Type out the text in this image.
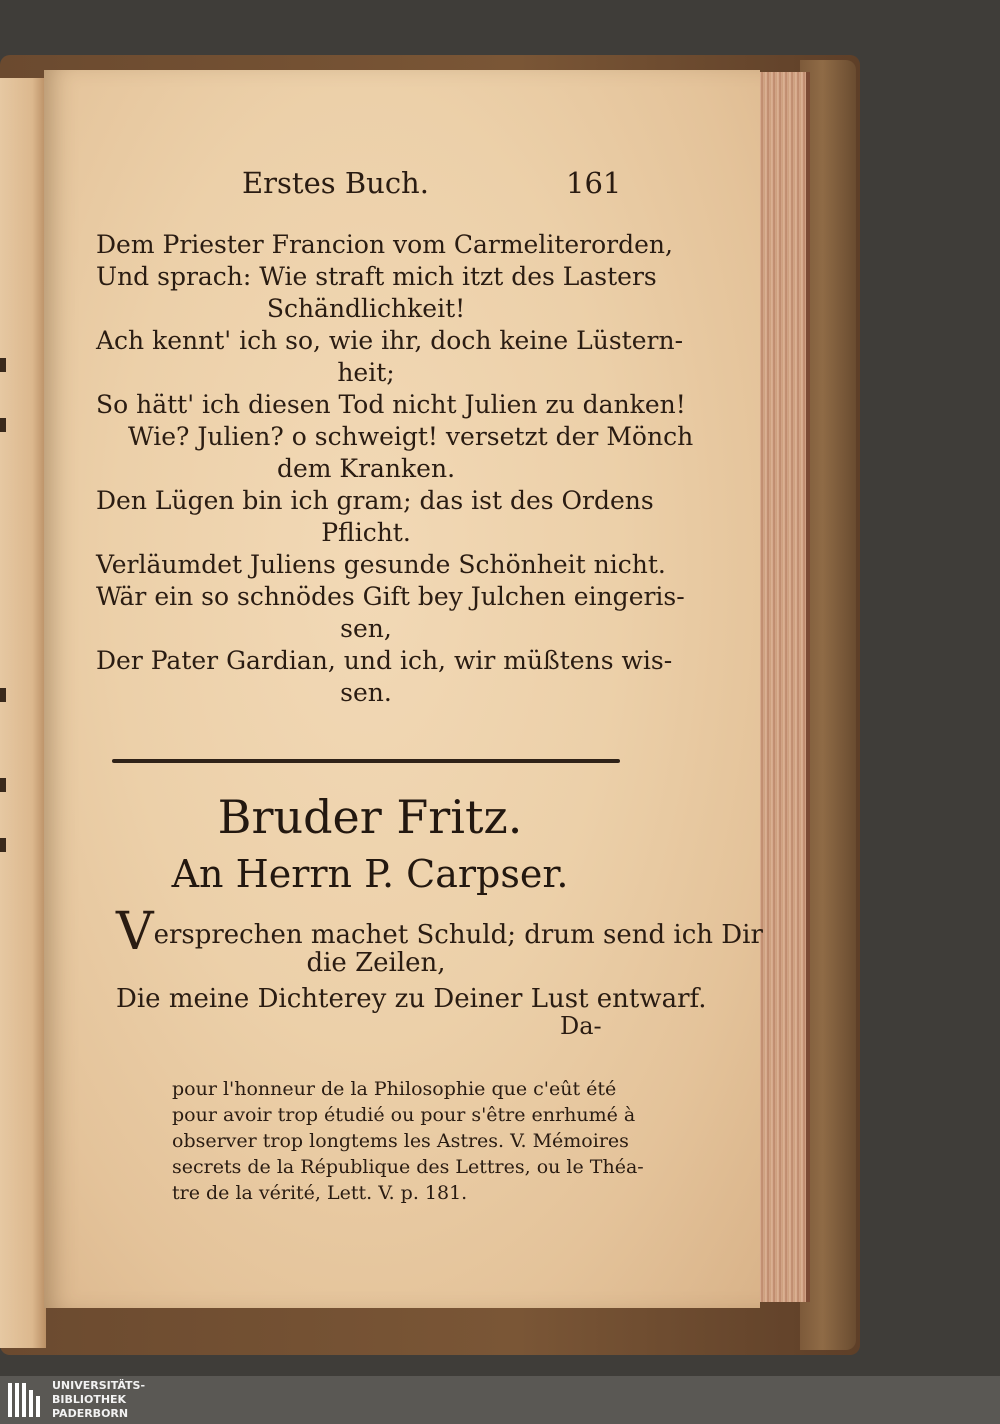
Erstes Buch.	161
Dem Priester Francion vom Carmeliterorden,
Und sprach: Wie straft mich itzt des Lasters
Schändlichkeit!
Ach kennt' ich so, wie ihr, doch keine Lüstern-
heit;
So hätt' ich diesen Tod nicht Julien zu danken!
Wie? Julien? o schweigt! versetzt der Mönch
dem Kranken.
Den Lügen bin ich gram; das ist des Ordens
Pflicht.
Verläumdet Juliens gesunde Schönheit nicht.
Wär ein so schnödes Gift bey Julchen eingeris-
sen,
Der Pater Gardian, und ich, wir müßtens wis-
sen.
Bruder Fritz.
An Herrn P. Carpser.
Versprechen machet Schuld; drum send ich Dir
die Zeilen,
Die meine Dichterey zu Deiner Lust entwarf.
Da-
pour l'honneur de la Philosophie que c'eût été
pour avoir trop étudié ou pour s'être enrhumé à
observer trop longtems les Astres. V. Mémoires
secrets de la République des Lettres, ou le Théa-
tre de la vérité, Lett. V. p. 181.
UNIVERSITÄTS-
BIBLIOTHEK
PADERBORN
